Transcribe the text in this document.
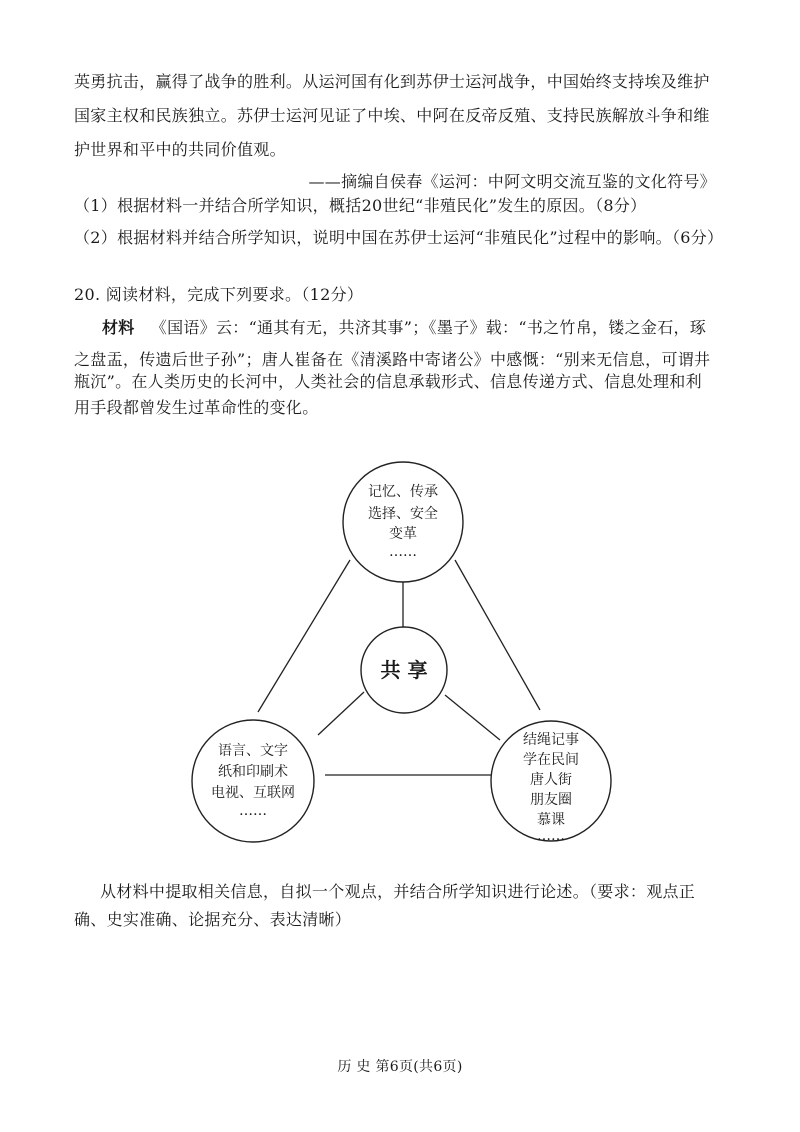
英勇抗击，赢得了战争的胜利。从运河国有化到苏伊士运河战争，中国始终支持埃及维护
国家主权和民族独立。苏伊士运河见证了中埃、中阿在反帝反殖、支持民族解放斗争和维
护世界和平中的共同价值观。
——摘编自侯春《运河：中阿文明交流互鉴的文化符号》
（1）根据材料一并结合所学知识，概括20世纪“非殖民化”发生的原因。（8分）
（2）根据材料并结合所学知识，说明中国在苏伊士运河“非殖民化”过程中的影响。（6分）
20. 阅读材料，完成下列要求。（12分）
材料 《国语》云：“通其有无，共济其事”；《墨子》载：“书之竹帛，镂之金石，琢
之盘盂，传遗后世子孙”；唐人崔备在《清溪路中寄诸公》中感慨：“别来无信息，可谓井
瓶沉”。在人类历史的长河中，人类社会的信息承载形式、信息传递方式、信息处理和利
用手段都曾发生过革命性的变化。
共 享
记忆、传承
选择、安全
变革
……
语言、文字
纸和印刷术
电视、互联网
……
结绳记事
学在民间
唐人街
朋友圈
慕课
……
从材料中提取相关信息，自拟一个观点，并结合所学知识进行论述。（要求：观点正
确、史实准确、论据充分、表达清晰）
历 史 第6页(共6页)
